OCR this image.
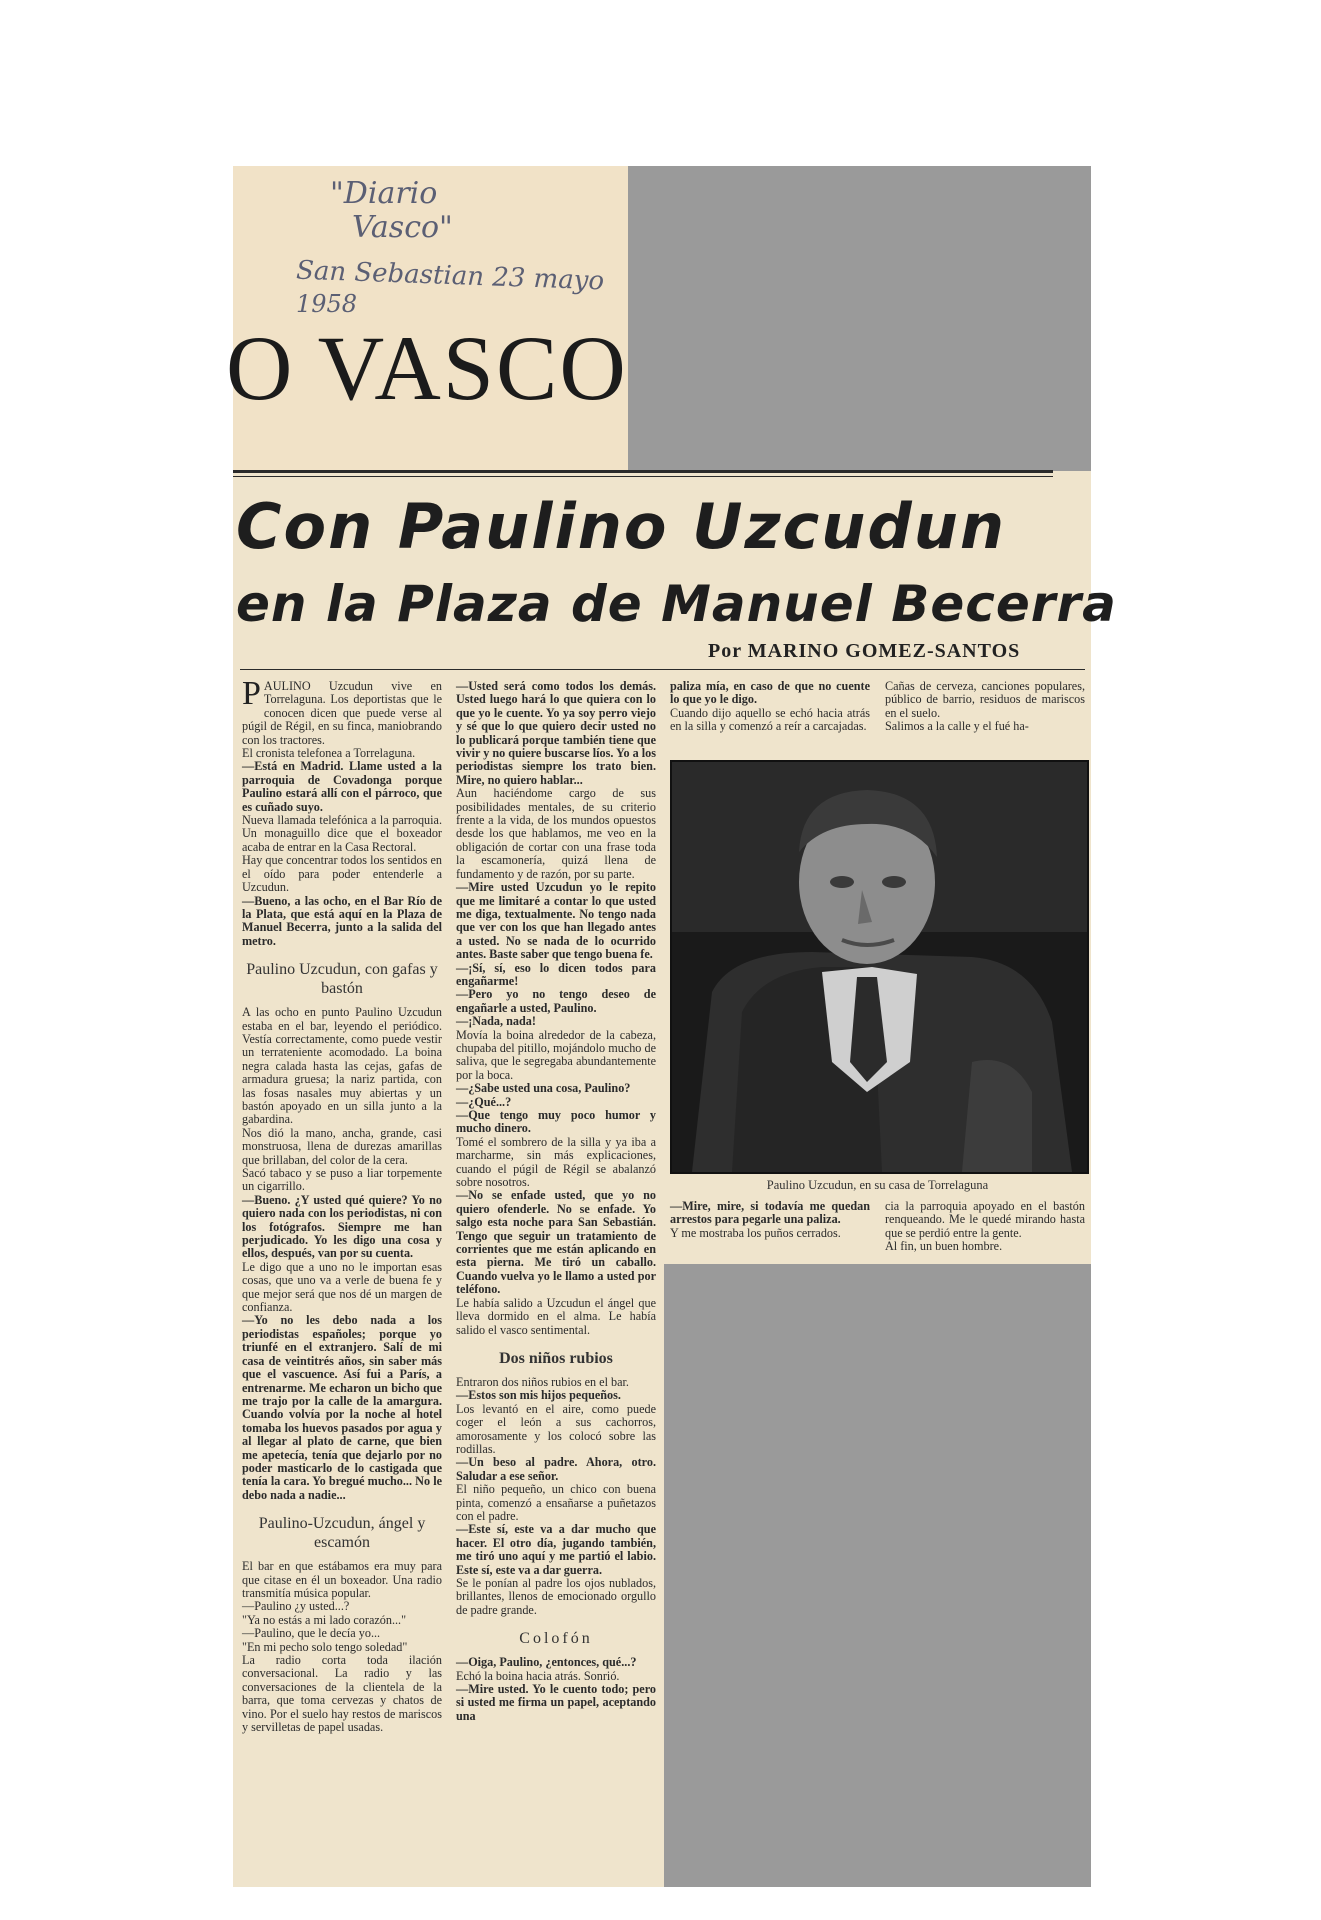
"Diario
Vasco"
San Sebastian 23 mayo
1958
O VASCO
Con Paulino Uzcudun
en la Plaza de Manuel Becerra
Por MARINO GOMEZ-SANTOS

PAULINO Uzcudun vive en Torrelaguna. Los deportistas que le conocen dicen que puede verse al púgil de Régil, en su finca, maniobrando con los tractores.

El cronista telefonea a Torrelaguna.

—Está en Madrid. Llame usted a la parroquia de Covadonga porque Paulino estará allí con el párroco, que es cuñado suyo.

Nueva llamada telefónica a la parroquia. Un monaguillo dice que el boxeador acaba de entrar en la Casa Rectoral.

Hay que concentrar todos los sentidos en el oído para poder entenderle a Uzcudun.

—Bueno, a las ocho, en el Bar Río de la Plata, que está aquí en la Plaza de Manuel Becerra, junto a la salida del metro.

Paulino Uzcudun, con gafas y bastón

A las ocho en punto Paulino Uzcudun estaba en el bar, leyendo el periódico. Vestía correctamente, como puede vestir un terrateniente acomodado. La boina negra calada hasta las cejas, gafas de armadura gruesa; la nariz partida, con las fosas nasales muy abiertas y un bastón apoyado en un silla junto a la gabardina.

Nos dió la mano, ancha, grande, casi monstruosa, llena de durezas amarillas que brillaban, del color de la cera.

Sacó tabaco y se puso a liar torpemente un cigarrillo.

—Bueno. ¿Y usted qué quiere? Yo no quiero nada con los periodistas, ni con los fotógrafos. Siempre me han perjudicado. Yo les digo una cosa y ellos, después, van por su cuenta.

Le digo que a uno no le importan esas cosas, que uno va a verle de buena fe y que mejor será que nos dé un margen de confianza.

—Yo no les debo nada a los periodistas españoles; porque yo triunfé en el extranjero. Salí de mi casa de veintitrés años, sin saber más que el vascuence. Así fui a París, a entrenarme. Me echaron un bicho que me trajo por la calle de la amargura. Cuando volvía por la noche al hotel tomaba los huevos pasados por agua y al llegar al plato de carne, que bien me apetecía, tenía que dejarlo por no poder masticarlo de lo castigada que tenía la cara. Yo bregué mucho... No le debo nada a nadie...

Paulino-Uzcudun, ángel y escamón

El bar en que estábamos era muy para que citase en él un boxeador. Una radio transmitía música popular.

—Paulino ¿y usted...?

"Ya no estás a mi lado corazón..."

—Paulino, que le decía yo...

"En mi pecho solo tengo soledad"

La radio corta toda ilación conversacional. La radio y las conversaciones de la clientela de la barra, que toma cervezas y chatos de vino. Por el suelo hay restos de mariscos y servilletas de papel usadas.

—Usted será como todos los demás. Usted luego hará lo que quiera con lo que yo le cuente. Yo ya soy perro viejo y sé que lo que quiero decir usted no lo publicará porque también tiene que vivir y no quiere buscarse líos. Yo a los periodistas siempre los trato bien. Mire, no quiero hablar...

Aun haciéndome cargo de sus posibilidades mentales, de su criterio frente a la vida, de los mundos opuestos desde los que hablamos, me veo en la obligación de cortar con una frase toda la escamonería, quizá llena de fundamento y de razón, por su parte.

—Mire usted Uzcudun yo le repito que me limitaré a contar lo que usted me diga, textualmente. No tengo nada que ver con los que han llegado antes a usted. No se nada de lo ocurrido antes. Baste saber que tengo buena fe.

—¡Sí, sí, eso lo dicen todos para engañarme!

—Pero yo no tengo deseo de engañarle a usted, Paulino.

—¡Nada, nada!

Movía la boina alrededor de la cabeza, chupaba del pitillo, mojándolo mucho de saliva, que le segregaba abundantemente por la boca.

—¿Sabe usted una cosa, Paulino?

—¿Qué...?

—Que tengo muy poco humor y mucho dinero.

Tomé el sombrero de la silla y ya iba a marcharme, sin más explicaciones, cuando el púgil de Régil se abalanzó sobre nosotros.

—No se enfade usted, que yo no quiero ofenderle. No se enfade. Yo salgo esta noche para San Sebastián. Tengo que seguir un tratamiento de corrientes que me están aplicando en esta pierna. Me tiró un caballo. Cuando vuelva yo le llamo a usted por teléfono.

Le había salido a Uzcudun el ángel que lleva dormido en el alma. Le había salido el vasco sentimental.

Dos niños rubios

Entraron dos niños rubios en el bar.

—Estos son mis hijos pequeños.

Los levantó en el aire, como puede coger el león a sus cachorros, amorosamente y los colocó sobre las rodillas.

—Un beso al padre. Ahora, otro. Saludar a ese señor.

El niño pequeño, un chico con buena pinta, comenzó a ensañarse a puñetazos con el padre.

—Este sí, este va a dar mucho que hacer. El otro día, jugando también, me tiró uno aquí y me partió el labio. Este sí, este va a dar guerra.

Se le ponían al padre los ojos nublados, brillantes, llenos de emocionado orgullo de padre grande.

Colofón

—Oiga, Paulino, ¿entonces, qué...?

Echó la boina hacia atrás. Sonrió.

—Mire usted. Yo le cuento todo; pero si usted me firma un papel, aceptando una

paliza mía, en caso de que no cuente lo que yo le digo.

Cuando dijo aquello se echó hacia atrás en la silla y comenzó a reír a carcajadas.

Cañas de cerveza, canciones populares, público de barrio, residuos de mariscos en el suelo.

Salimos a la calle y el fué ha-

Paulino Uzcudun, en su casa de Torrelaguna

—Mire, mire, si todavía me quedan arrestos para pegarle una paliza.

Y me mostraba los puños cerrados.

cia la parroquia apoyado en el bastón renqueando. Me le quedé mirando hasta que se perdió entre la gente.

Al fin, un buen hombre.
